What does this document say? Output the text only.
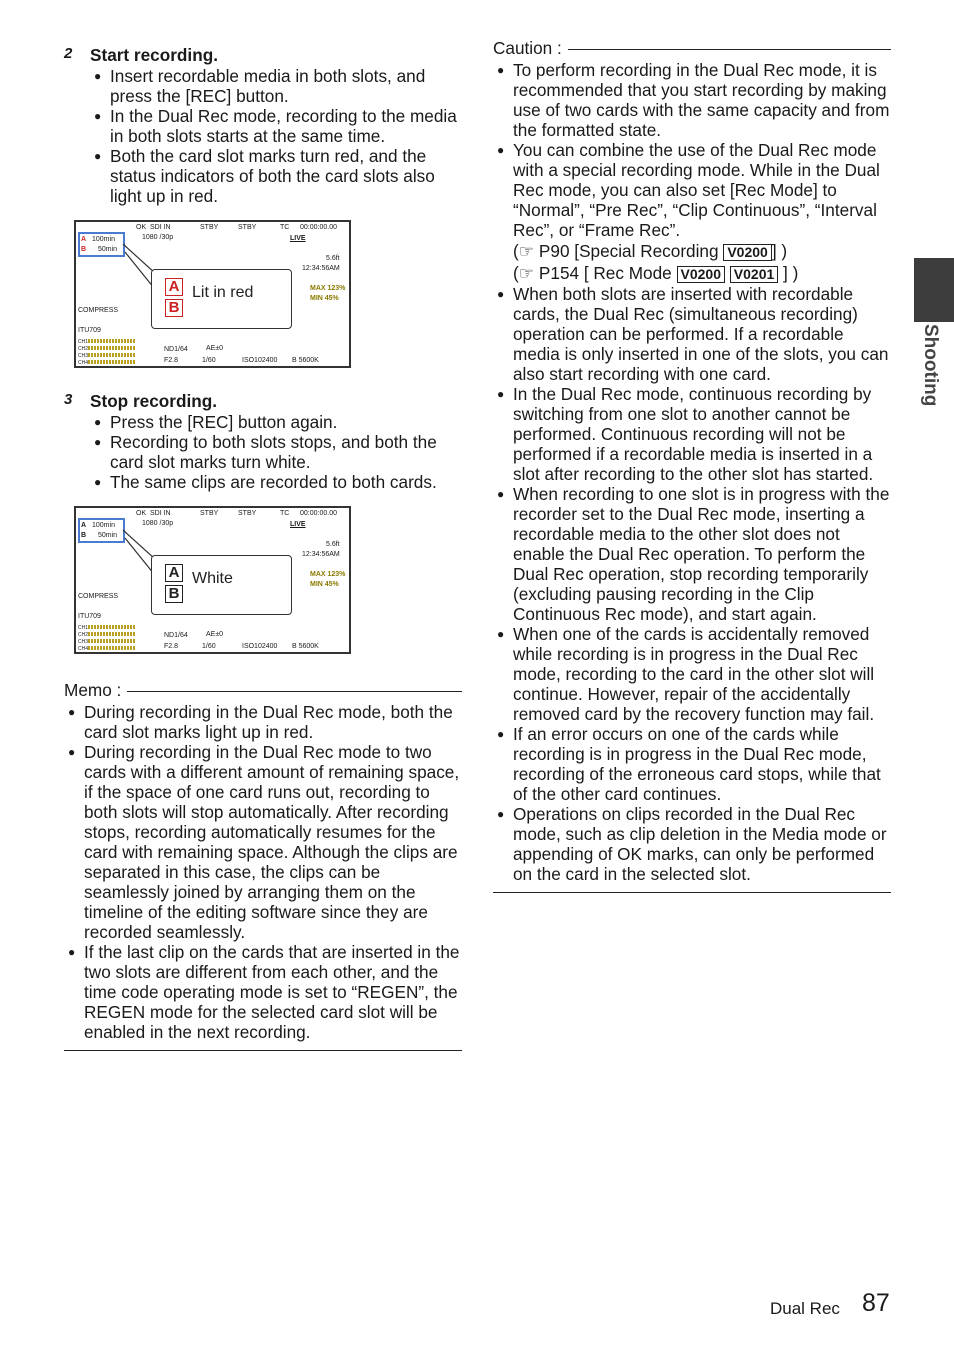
2 Start recording.
● Insert recordable media in both slots, and press the [REC] button.
● In the Dual Rec mode, recording to the media in both slots starts at the same time.
● Both the card slot marks turn red, and the status indicators of both the card slots also light up in red.
OK SDI IN	STBY	STBY	TC 00:00:00.00
A 100min
B 50min
1080 /30p	LIVE
5.6ft
12:34:56AM
MAX 123%
MIN 45%
COMPRESS
ITU709
CH1
CH2
CH3
CH4
ND1/64	AE±0
F2.8	1/60	ISO102400 B 5600K
A
B
Lit in red
3 Stop recording.
● Press the [REC] button again.
● Recording to both slots stops, and both the card slot marks turn white.
● The same clips are recorded to both cards.
OK SDI IN	STBY	STBY	TC 00:00:00.00
A 100min
B 50min
1080 /30p	LIVE
5.6ft
12:34:56AM
MAX 123%
MIN 45%
COMPRESS
ITU709
CH1
CH2
CH3
CH4
ND1/64	AE±0
F2.8	1/60	ISO102400 B 5600K
A
B
White
Memo :
● During recording in the Dual Rec mode, both the card slot marks light up in red.
● During recording in the Dual Rec mode to two cards with a different amount of remaining space, if the space of one card runs out, recording to both slots will stop automatically. After recording stops, recording automatically resumes for the card with remaining space. Although the clips are separated in this case, the clips can be seamlessly joined by arranging them on the timeline of the editing software since they are recorded seamlessly.
● If the last clip on the cards that are inserted in the two slots are different from each other, and the time code operating mode is set to “REGEN”, the REGEN mode for the selected card slot will be enabled in the next recording.
Caution :
● To perform recording in the Dual Rec mode, it is recommended that you start recording by making use of two cards with the same capacity and from the formatted state.
● You can combine the use of the Dual Rec mode with a special recording mode. While in the Dual Rec mode, you can also set [Rec Mode] to “Normal”, “Pre Rec”, “Clip Continuous”, “Interval Rec”, or “Frame Rec”.
(☞ P90 [Special Recording V0200 ] )
(☞ P154 [ Rec Mode V0200 V0201 ] )
● When both slots are inserted with recordable cards, the Dual Rec (simultaneous recording) operation can be performed. If a recordable media is only inserted in one of the slots, you can also start recording with one card.
● In the Dual Rec mode, continuous recording by switching from one slot to another cannot be performed. Continuous recording will not be performed if a recordable media is inserted in a slot after recording to the other slot has started.
● When recording to one slot is in progress with the recorder set to the Dual Rec mode, inserting a recordable media to the other slot does not enable the Dual Rec operation. To perform the Dual Rec operation, stop recording temporarily (excluding pausing recording in the Clip Continuous Rec mode), and start again.
● When one of the cards is accidentally removed while recording is in progress in the Dual Rec mode, recording to the card in the other slot will continue. However, repair of the accidentally removed card by the recovery function may fail.
● If an error occurs on one of the cards while recording is in progress in the Dual Rec mode, recording of the erroneous card stops, while that of the other card continues.
● Operations on clips recorded in the Dual Rec mode, such as clip deletion in the Media mode or appending of OK marks, can only be performed on the card in the selected slot.
Shooting
Dual Rec 87
